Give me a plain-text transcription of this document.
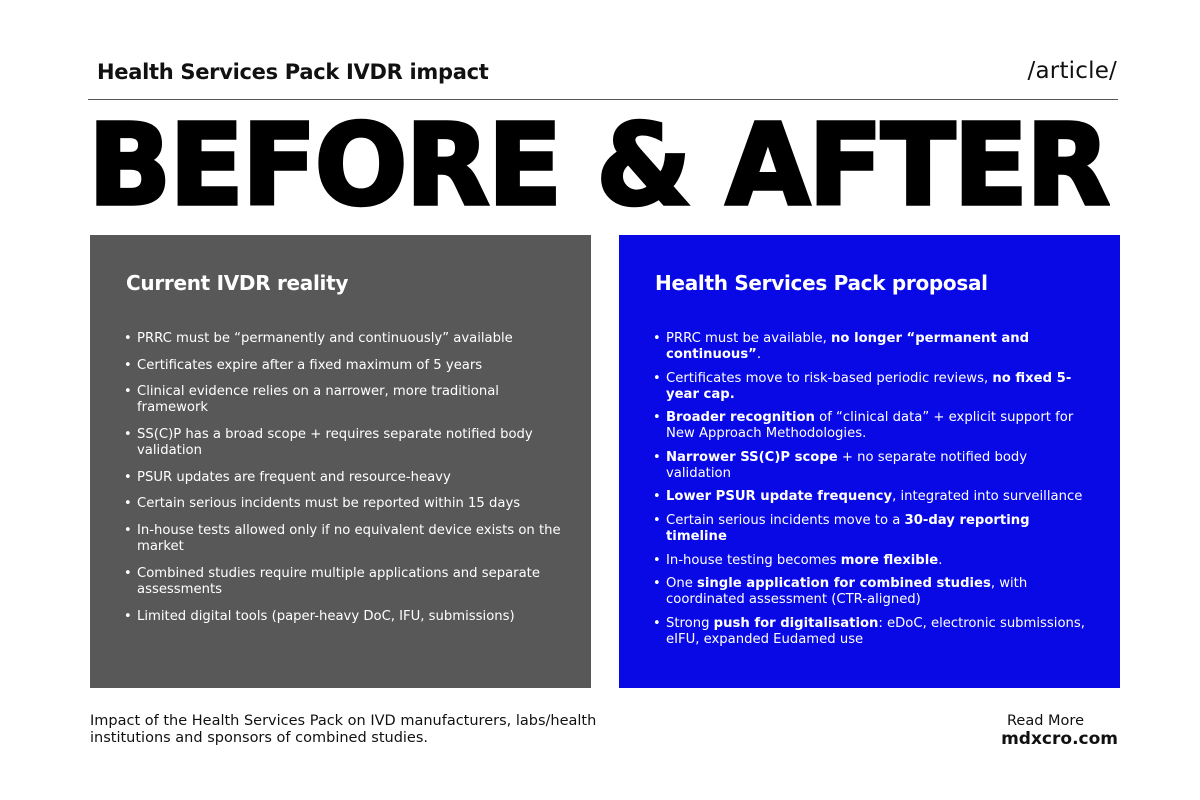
Health Services Pack IVDR impact	/article/
BEFORE & AFTER
Current IVDR reality
• PRRC must be “permanently and continuously” available
• Certificates expire after a fixed maximum of 5 years
• Clinical evidence relies on a narrower, more traditional framework
• SS(C)P has a broad scope + requires separate notified body validation
• PSUR updates are frequent and resource-heavy
• Certain serious incidents must be reported within 15 days
• In-house tests allowed only if no equivalent device exists on the market
• Combined studies require multiple applications and separate assessments
• Limited digital tools (paper-heavy DoC, IFU, submissions)
Health Services Pack proposal
• PRRC must be available, no longer “permanent and continuous”.
• Certificates move to risk-based periodic reviews, no fixed 5-year cap.
• Broader recognition of “clinical data” + explicit support for New Approach Methodologies.
• Narrower SS(C)P scope + no separate notified body validation
• Lower PSUR update frequency, integrated into surveillance
• Certain serious incidents move to a 30-day reporting timeline
• In-house testing becomes more flexible.
• One single application for combined studies, with coordinated assessment (CTR-aligned)
• Strong push for digitalisation: eDoC, electronic submissions, eIFU, expanded Eudamed use
Impact of the Health Services Pack on IVD manufacturers, labs/health institutions and sponsors of combined studies.
Read More
mdxcro.com
